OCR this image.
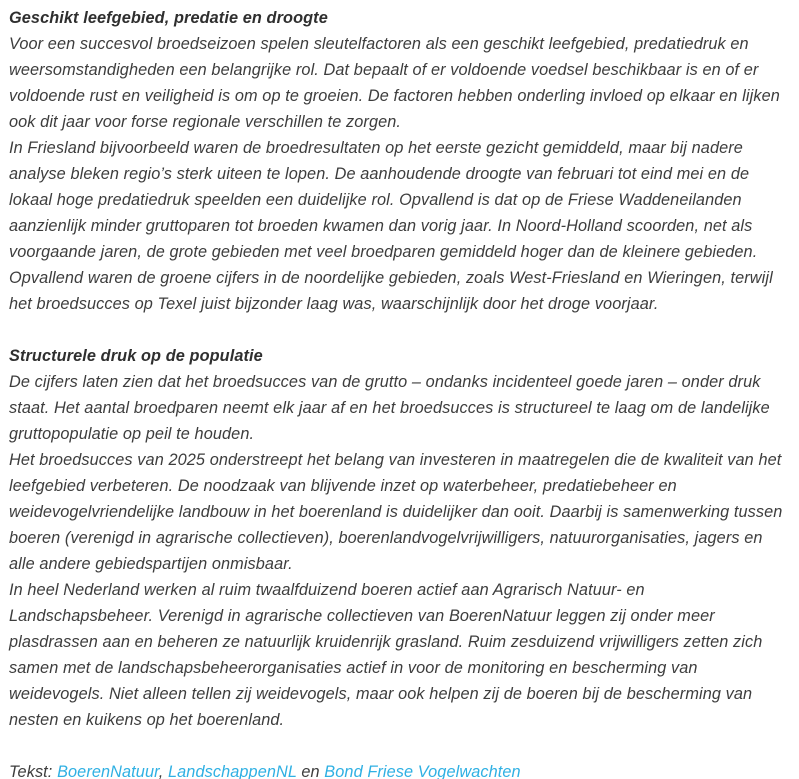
Geschikt leefgebied, predatie en droogte

Voor een succesvol broedseizoen spelen sleutelfactoren als een geschikt leefgebied, predatiedruk en weersomstandigheden een belangrijke rol. Dat bepaalt of er voldoende voedsel beschikbaar is en of er voldoende rust en veiligheid is om op te groeien. De factoren hebben onderling invloed op elkaar en lijken ook dit jaar voor forse regionale verschillen te zorgen.

In Friesland bijvoorbeeld waren de broedresultaten op het eerste gezicht gemiddeld, maar bij nadere analyse bleken regio’s sterk uiteen te lopen. De aanhoudende droogte van februari tot eind mei en de lokaal hoge predatiedruk speelden een duidelijke rol. Opvallend is dat op de Friese Waddeneilanden aanzienlijk minder gruttoparen tot broeden kwamen dan vorig jaar. In Noord-Holland scoorden, net als voorgaande jaren, de grote gebieden met veel broedparen gemiddeld hoger dan de kleinere gebieden. Opvallend waren de groene cijfers in de noordelijke gebieden, zoals West-Friesland en Wieringen, terwijl het broedsucces op Texel juist bijzonder laag was, waarschijnlijk door het droge voorjaar.

Structurele druk op de populatie

De cijfers laten zien dat het broedsucces van de grutto – ondanks incidenteel goede jaren – onder druk staat. Het aantal broedparen neemt elk jaar af en het broedsucces is structureel te laag om de landelijke gruttopopulatie op peil te houden.

Het broedsucces van 2025 onderstreept het belang van investeren in maatregelen die de kwaliteit van het leefgebied verbeteren. De noodzaak van blijvende inzet op waterbeheer, predatiebeheer en weidevogelvriendelijke landbouw in het boerenland is duidelijker dan ooit. Daarbij is samenwerking tussen boeren (verenigd in agrarische collectieven), boerenlandvogelvrijwilligers, natuurorganisaties, jagers en alle andere gebiedspartijen onmisbaar.

In heel Nederland werken al ruim twaalfduizend boeren actief aan Agrarisch Natuur- en Landschapsbeheer. Verenigd in agrarische collectieven van BoerenNatuur leggen zij onder meer plasdrassen aan en beheren ze natuurlijk kruidenrijk grasland. Ruim zesduizend vrijwilligers zetten zich samen met de landschapsbeheerorganisaties actief in voor de monitoring en bescherming van weidevogels. Niet alleen tellen zij weidevogels, maar ook helpen zij de boeren bij de bescherming van nesten en kuikens op het boerenland.

Tekst: BoerenNatuur, LandschappenNL en Bond Friese Vogelwachten
